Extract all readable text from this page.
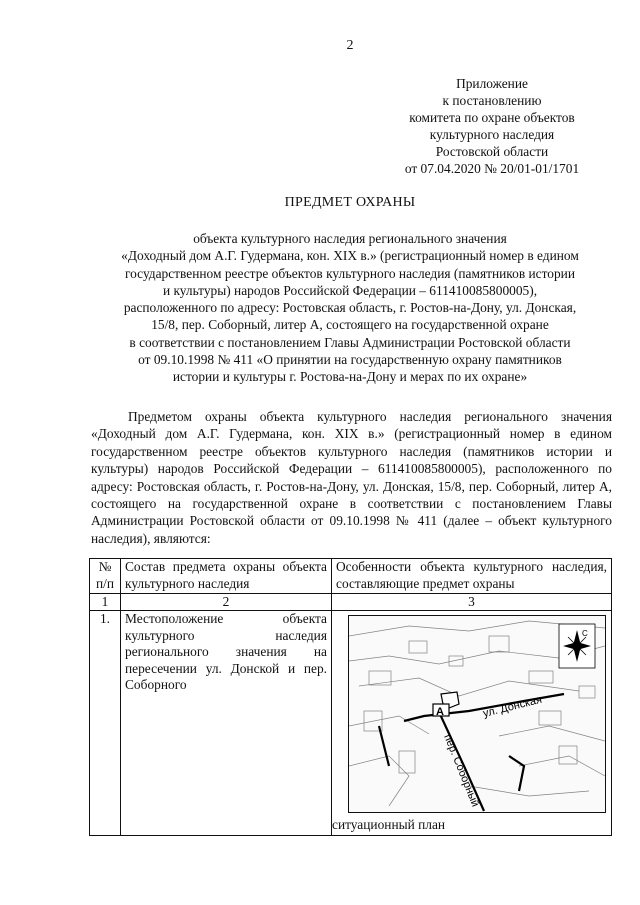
2
Приложение
к постановлению
комитета по охране объектов
культурного наследия
Ростовской области
от 07.04.2020 № 20/01-01/1701
ПРЕДМЕТ ОХРАНЫ
объекта культурного наследия регионального значения
«Доходный дом А.Г. Гудермана, кон. XIX в.» (регистрационный номер в едином
государственном реестре объектов культурного наследия (памятников истории
и культуры) народов Российской Федерации – 611410085800005),
расположенного по адресу: Ростовская область, г. Ростов-на-Дону, ул. Донская,
15/8, пер. Соборный, литер А, состоящего на государственной охране
в соответствии с постановлением Главы Администрации Ростовской области
от 09.10.1998 № 411 «О принятии на государственную охрану памятников
истории и культуры г. Ростова-на-Дону и мерах по их охране»
Предметом охраны объекта культурного наследия регионального значения «Доходный дом А.Г. Гудермана, кон. XIX в.» (регистрационный номер в едином государственном реестре объектов культурного наследия (памятников истории и культуры) народов Российской Федерации – 611410085800005), расположенного по адресу: Ростовская область, г. Ростов-на-Дону, ул. Донская, 15/8, пер. Соборный, литер А, состоящего на государственной охране в соответствии с постановлением Главы Администрации Ростовской области от 09.10.1998 № 411 (далее – объект культурного наследия), являются:
№ п/п	Состав предмета охраны объекта культурного наследия	Особенности объекта культурного наследия, составляющие предмет охраны
1	2	3
1.	Местоположение объекта культурного наследия регионального значения на пересечении ул. Донской и пер. Соборного	А ул. Донская
пер. Соборный
С
ситуационный план
